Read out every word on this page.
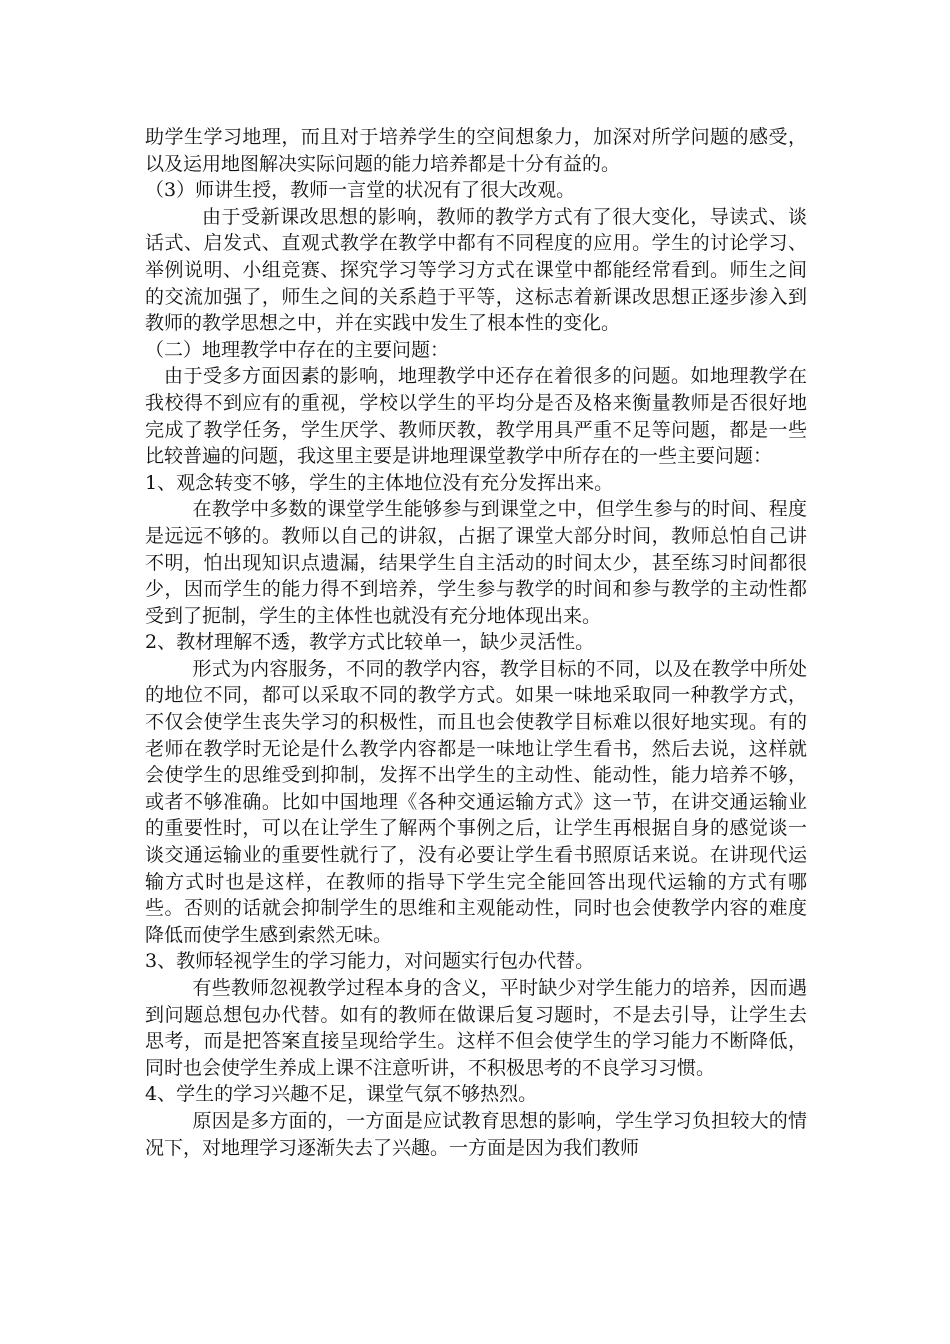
助学生学习地理，而且对于培养学生的空间想象力，加深对所学问题的感受，以及运用地图解决实际问题的能力培养都是十分有益的。

（3）师讲生授，教师一言堂的状况有了很大改观。

由于受新课改思想的影响，教师的教学方式有了很大变化，导读式、谈话式、启发式、直观式教学在教学中都有不同程度的应用。学生的讨论学习、举例说明、小组竞赛、探究学习等学习方式在课堂中都能经常看到。师生之间的交流加强了，师生之间的关系趋于平等，这标志着新课改思想正逐步渗入到教师的教学思想之中，并在实践中发生了根本性的变化。

（二）地理教学中存在的主要问题：

由于受多方面因素的影响，地理教学中还存在着很多的问题。如地理教学在我校得不到应有的重视，学校以学生的平均分是否及格来衡量教师是否很好地完成了教学任务，学生厌学、教师厌教，教学用具严重不足等问题，都是一些比较普遍的问题，我这里主要是讲地理课堂教学中所存在的一些主要问题：

1、观念转变不够，学生的主体地位没有充分发挥出来。

在教学中多数的课堂学生能够参与到课堂之中，但学生参与的时间、程度是远远不够的。教师以自己的讲叙，占据了课堂大部分时间，教师总怕自己讲不明，怕出现知识点遗漏，结果学生自主活动的时间太少，甚至练习时间都很少，因而学生的能力得不到培养，学生参与教学的时间和参与教学的主动性都受到了扼制，学生的主体性也就没有充分地体现出来。

2、教材理解不透，教学方式比较单一，缺少灵活性。

形式为内容服务，不同的教学内容，教学目标的不同，以及在教学中所处的地位不同，都可以采取不同的教学方式。如果一味地采取同一种教学方式，不仅会使学生丧失学习的积极性，而且也会使教学目标难以很好地实现。有的老师在教学时无论是什么教学内容都是一味地让学生看书，然后去说，这样就会使学生的思维受到抑制，发挥不出学生的主动性、能动性，能力培养不够，或者不够准确。比如中国地理《各种交通运输方式》这一节，在讲交通运输业的重要性时，可以在让学生了解两个事例之后，让学生再根据自身的感觉谈一谈交通运输业的重要性就行了，没有必要让学生看书照原话来说。在讲现代运输方式时也是这样，在教师的指导下学生完全能回答出现代运输的方式有哪些。否则的话就会抑制学生的思维和主观能动性，同时也会使教学内容的难度降低而使学生感到索然无味。

3、教师轻视学生的学习能力，对问题实行包办代替。

有些教师忽视教学过程本身的含义，平时缺少对学生能力的培养，因而遇到问题总想包办代替。如有的教师在做课后复习题时，不是去引导，让学生去思考，而是把答案直接呈现给学生。这样不但会使学生的学习能力不断降低，同时也会使学生养成上课不注意听讲，不积极思考的不良学习习惯。

4、学生的学习兴趣不足，课堂气氛不够热烈。

原因是多方面的，一方面是应试教育思想的影响，学生学习负担较大的情况下，对地理学习逐渐失去了兴趣。一方面是因为我们教师
